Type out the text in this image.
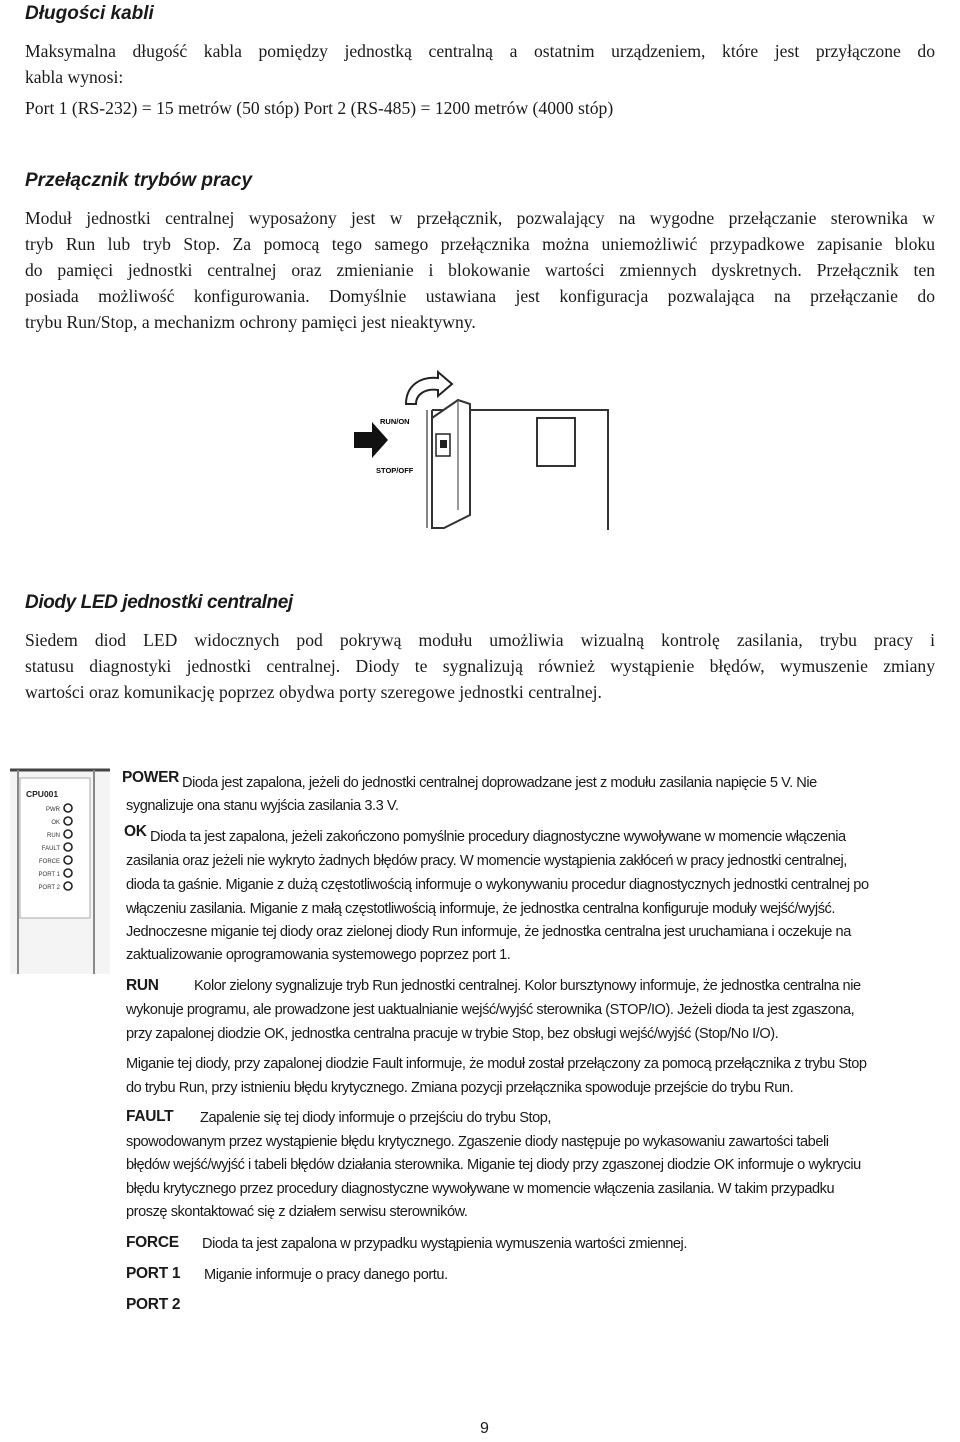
Długości kabli
Maksymalna długość kabla pomiędzy jednostką centralną a ostatnim urządzeniem, które jest przyłączone do
kabla wynosi:
Port 1 (RS-232) = 15 metrów (50 stóp) Port 2 (RS-485) = 1200 metrów (4000 stóp)
Przełącznik trybów pracy
Moduł jednostki centralnej wyposażony jest w przełącznik, pozwalający na wygodne przełączanie sterownika w
tryb Run lub tryb Stop. Za pomocą tego samego przełącznika można uniemożliwić przypadkowe zapisanie bloku
do pamięci jednostki centralnej oraz zmienianie i blokowanie wartości zmiennych dyskretnych. Przełącznik ten
posiada możliwość konfigurowania. Domyślnie ustawiana jest konfiguracja pozwalająca na przełączanie do
trybu Run/Stop, a mechanizm ochrony pamięci jest nieaktywny.
RUN/ON
STOP/OFF
Diody LED jednostki centralnej
Siedem diod LED widocznych pod pokrywą modułu umożliwia wizualną kontrolę zasilania, trybu pracy i
statusu diagnostyki jednostki centralnej. Diody te sygnalizują również wystąpienie błędów, wymuszenie zmiany
wartości oraz komunikację poprzez obydwa porty szeregowe jednostki centralnej.
CPU001
PWR
OK
RUN
FAULT
FORCE
PORT 1
PORT 2
POWER Dioda jest zapalona, jeżeli do jednostki centralnej doprowadzane jest z modułu zasilania napięcie 5 V. Nie
sygnalizuje ona stanu wyjścia zasilania 3.3 V.
OK Dioda ta jest zapalona, jeżeli zakończono pomyślnie procedury diagnostyczne wywoływane w momencie włączenia
zasilania oraz jeżeli nie wykryto żadnych błędów pracy. W momencie wystąpienia zakłóceń w pracy jednostki centralnej,
dioda ta gaśnie. Miganie z dużą częstotliwością informuje o wykonywaniu procedur diagnostycznych jednostki centralnej po
włączeniu zasilania. Miganie z małą częstotliwością informuje, że jednostka centralna konfiguruje moduły wejść/wyjść.
Jednoczesne miganie tej diody oraz zielonej diody Run informuje, że jednostka centralna jest uruchamiana i oczekuje na
zaktualizowanie oprogramowania systemowego poprzez port 1.
RUN Kolor zielony sygnalizuje tryb Run jednostki centralnej. Kolor bursztynowy informuje, że jednostka centralna nie
wykonuje programu, ale prowadzone jest uaktualnianie wejść/wyjść sterownika (STOP/IO). Jeżeli dioda ta jest zgaszona,
przy zapalonej diodzie OK, jednostka centralna pracuje w trybie Stop, bez obsługi wejść/wyjść (Stop/No I/O).
Miganie tej diody, przy zapalonej diodzie Fault informuje, że moduł został przełączony za pomocą przełącznika z trybu Stop
do trybu Run, przy istnieniu błędu krytycznego. Zmiana pozycji przełącznika spowoduje przejście do trybu Run.
FAULT Zapalenie się tej diody informuje o przejściu do trybu Stop,
spowodowanym przez wystąpienie błędu krytycznego. Zgaszenie diody następuje po wykasowaniu zawartości tabeli
błędów wejść/wyjść i tabeli błędów działania sterownika. Miganie tej diody przy zgaszonej diodzie OK informuje o wykryciu
błędu krytycznego przez procedury diagnostyczne wywoływane w momencie włączenia zasilania. W takim przypadku
proszę skontaktować się z działem serwisu sterowników.
FORCE Dioda ta jest zapalona w przypadku wystąpienia wymuszenia wartości zmiennej.
PORT 1 Miganie informuje o pracy danego portu.
PORT 2
9
